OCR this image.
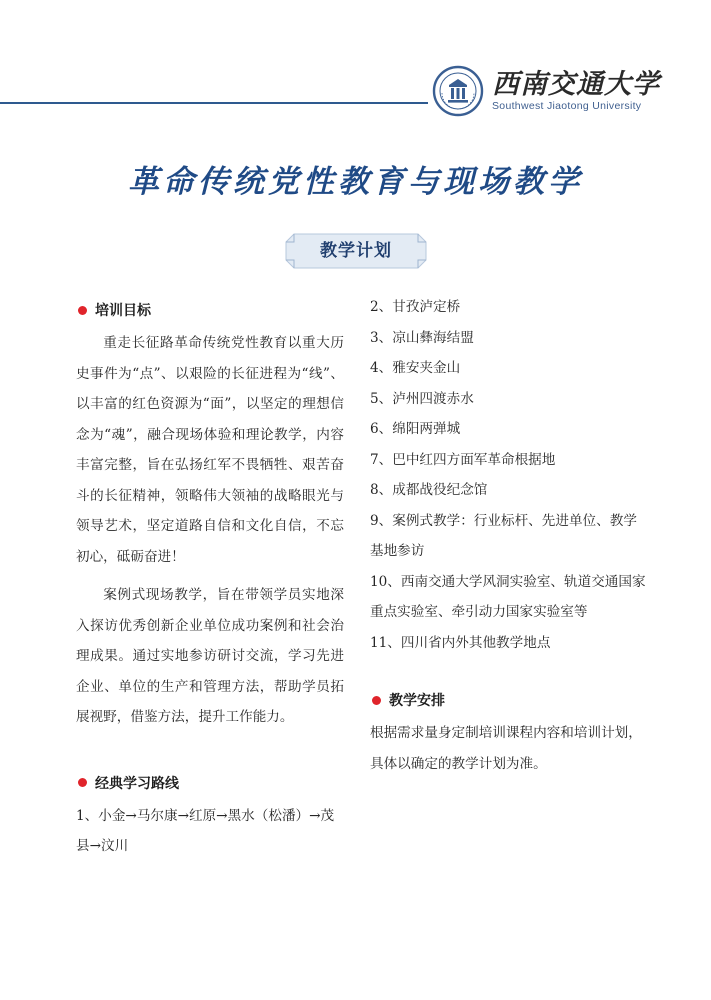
西南交通大学
Southwest Jiaotong University
革命传统党性教育与现场教学
教学计划
培训目标

重走长征路革命传统党性教育以重大历史事件为“点”、以艰险的长征进程为“线”、以丰富的红色资源为“面”，以坚定的理想信念为“魂”，融合现场体验和理论教学，内容丰富完整，旨在弘扬红军不畏牺牲、艰苦奋斗的长征精神，领略伟大领袖的战略眼光与领导艺术，坚定道路自信和文化自信，不忘初心，砥砺奋进！

案例式现场教学，旨在带领学员实地深入探访优秀创新企业单位成功案例和社会治理成果。通过实地参访研讨交流，学习先进企业、单位的生产和管理方法，帮助学员拓展视野，借鉴方法，提升工作能力。

经典学习路线
1、小金→马尔康→红原→黑水（松潘）→茂县→汶川
2、甘孜泸定桥
3、凉山彝海结盟
4、雅安夹金山
5、泸州四渡赤水
6、绵阳两弹城
7、巴中红四方面军革命根据地
8、成都战役纪念馆
9、案例式教学：行业标杆、先进单位、教学基地参访
10、西南交通大学风洞实验室、轨道交通国家重点实验室、牵引动力国家实验室等
11、四川省内外其他教学地点
教学安排

根据需求量身定制培训课程内容和培训计划，具体以确定的教学计划为准。
